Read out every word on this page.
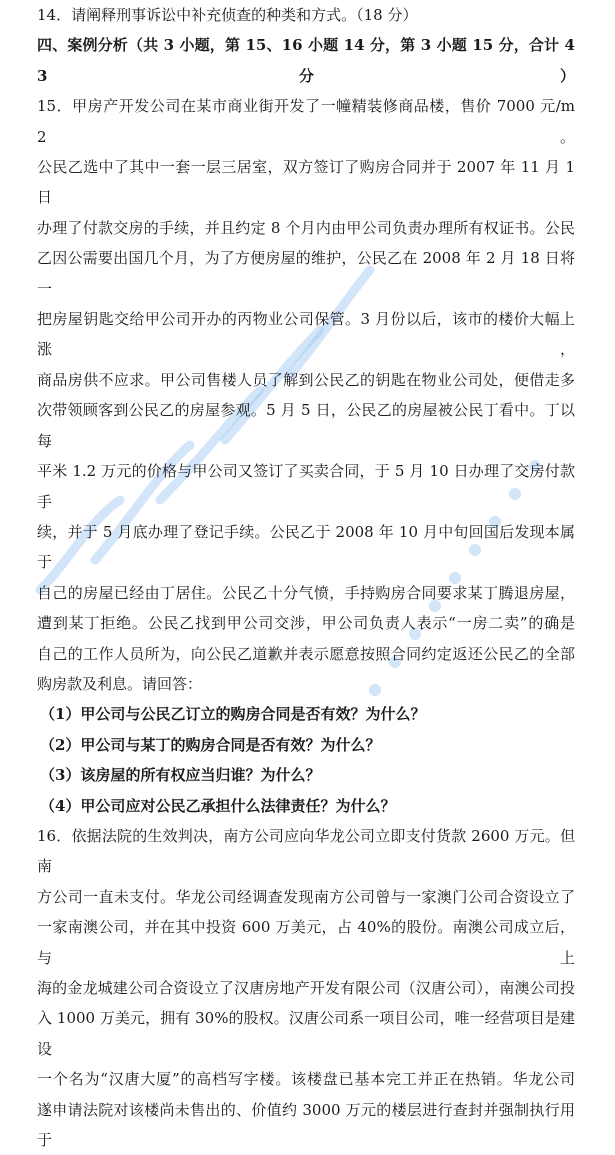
14．请阐释刑事诉讼中补充侦查的种类和方式。（18 分）
四、案例分析（共 3 小题，第 15、16 小题 14 分，第 3 小题 15 分，合计 43 分）
15．甲房产开发公司在某市商业街开发了一幢精装修商品楼，售价 7000 元/m2。
公民乙选中了其中一套一层三居室，双方签订了购房合同并于 2007 年 11 月 1 日
办理了付款交房的手续，并且约定 8 个月内由甲公司负责办理所有权证书。公民
乙因公需要出国几个月，为了方便房屋的维护，公民乙在 2008 年 2 月 18 日将一
把房屋钥匙交给甲公司开办的丙物业公司保管。3 月份以后，该市的楼价大幅上涨，
商品房供不应求。甲公司售楼人员了解到公民乙的钥匙在物业公司处，便借走多
次带领顾客到公民乙的房屋参观。5 月 5 日，公民乙的房屋被公民丁看中。丁以每
平米 1.2 万元的价格与甲公司又签订了买卖合同，于 5 月 10 日办理了交房付款手
续，并于 5 月底办理了登记手续。公民乙于 2008 年 10 月中旬回国后发现本属于
自己的房屋已经由丁居住。公民乙十分气愤，手持购房合同要求某丁腾退房屋，
遭到某丁拒绝。公民乙找到甲公司交涉，甲公司负责人表示“一房二卖”的确是
自己的工作人员所为，向公民乙道歉并表示愿意按照合同约定返还公民乙的全部
购房款及利息。请回答：
（1）甲公司与公民乙订立的购房合同是否有效？为什么？
（2）甲公司与某丁的购房合同是否有效？为什么？
（3）该房屋的所有权应当归谁？为什么？
（4）甲公司应对公民乙承担什么法律责任？为什么？
16．依据法院的生效判决，南方公司应向华龙公司立即支付货款 2600 万元。但南
方公司一直未支付。华龙公司经调查发现南方公司曾与一家澳门公司合资设立了
一家南澳公司，并在其中投资 600 万美元，占 40%的股份。南澳公司成立后，与上
海的金龙城建公司合资设立了汉唐房地产开发有限公司（汉唐公司），南澳公司投
入 1000 万美元，拥有 30%的股权。汉唐公司系一项目公司，唯一经营项目是建设
一个名为“汉唐大厦”的高档写字楼。该楼盘已基本完工并正在热销。华龙公司
遂申请法院对该楼尚未售出的、价值约 3000 万元的楼层进行查封并强制执行用于
